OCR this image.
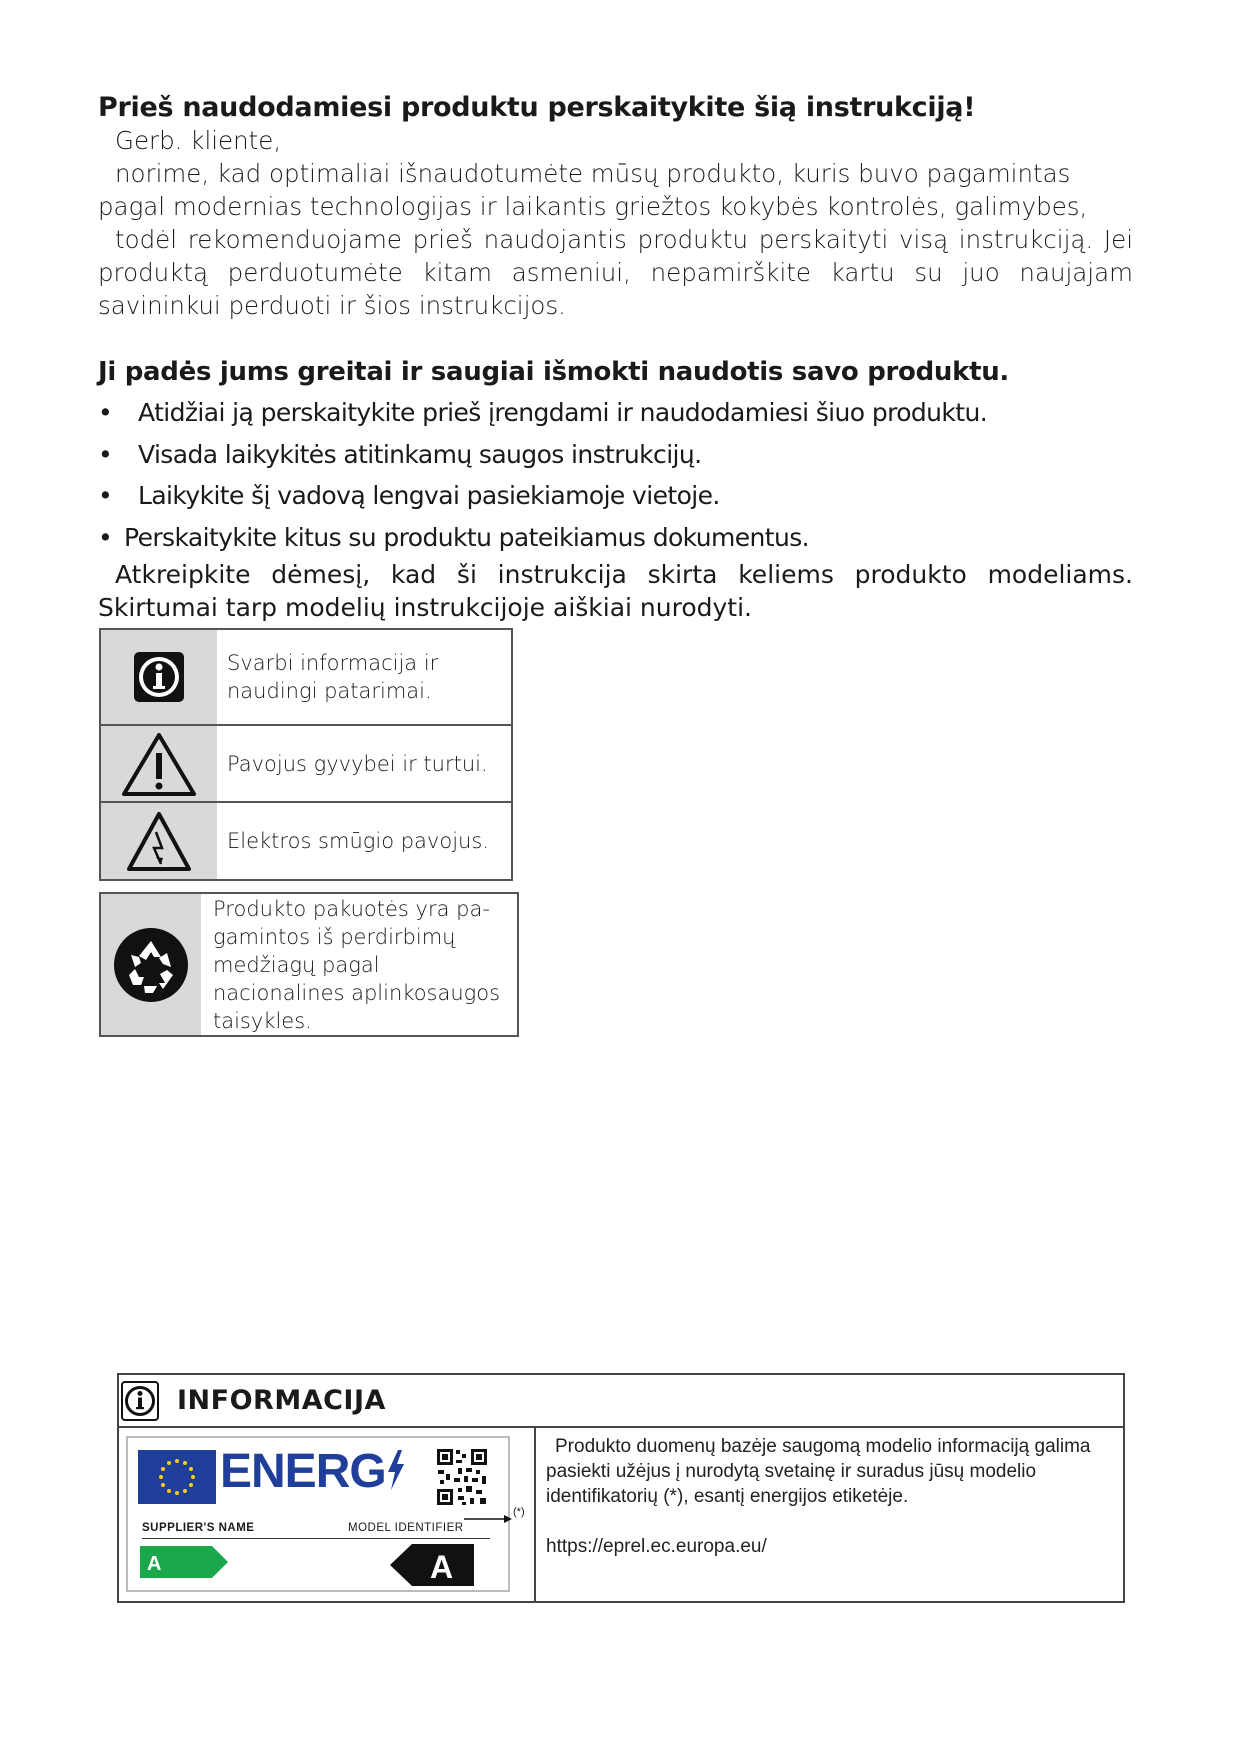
Prieš naudodamiesi produktu perskaitykite šią instrukciją!

Gerb. kliente,

norime, kad optimaliai išnaudotumėte mūsų produkto, kuris buvo pagamintas pagal modernias technologijas ir laikantis griežtos kokybės kontrolės, galimybes,

todėl rekomenduojame prieš naudojantis produktu perskaityti visą instrukciją. Jei produktą perduotumėte kitam asmeniui, nepamirškite kartu su juo naujajam savininkui perduoti ir šios instrukcijos.

Ji padės jums greitai ir saugiai išmokti naudotis savo produktu.
• Atidžiai ją perskaitykite prieš įrengdami ir naudodamiesi šiuo produktu.
• Visada laikykitės atitinkamų saugos instrukcijų.
• Laikykite šį vadovą lengvai pasiekiamoje vietoje.
• Perskaitykite kitus su produktu pateikiamus dokumentus.
Atkreipkite dėmesį, kad ši instrukcija skirta keliems produkto modeliams. Skirtumai tarp modelių instrukcijoje aiškiai nurodyti.
Svarbi informacija ir naudingi patarimai.
Pavojus gyvybei ir turtui.
Elektros smūgio pavojus.
Produkto pakuotės yra pa-gamintos iš perdirbimų medžiagų pagal nacionalines aplinkosaugos taisykles.
INFORMACIJA
ENERG
SUPPLIER'S NAME	MODEL IDENTIFIER
A	A
(*)

Produkto duomenų bazėje saugomą modelio informaciją galima pasiekti užėjus į nurodytą svetainę ir suradus jūsų modelio identifikatorių (*), esantį energijos etiketėje.

https://eprel.ec.europa.eu/
